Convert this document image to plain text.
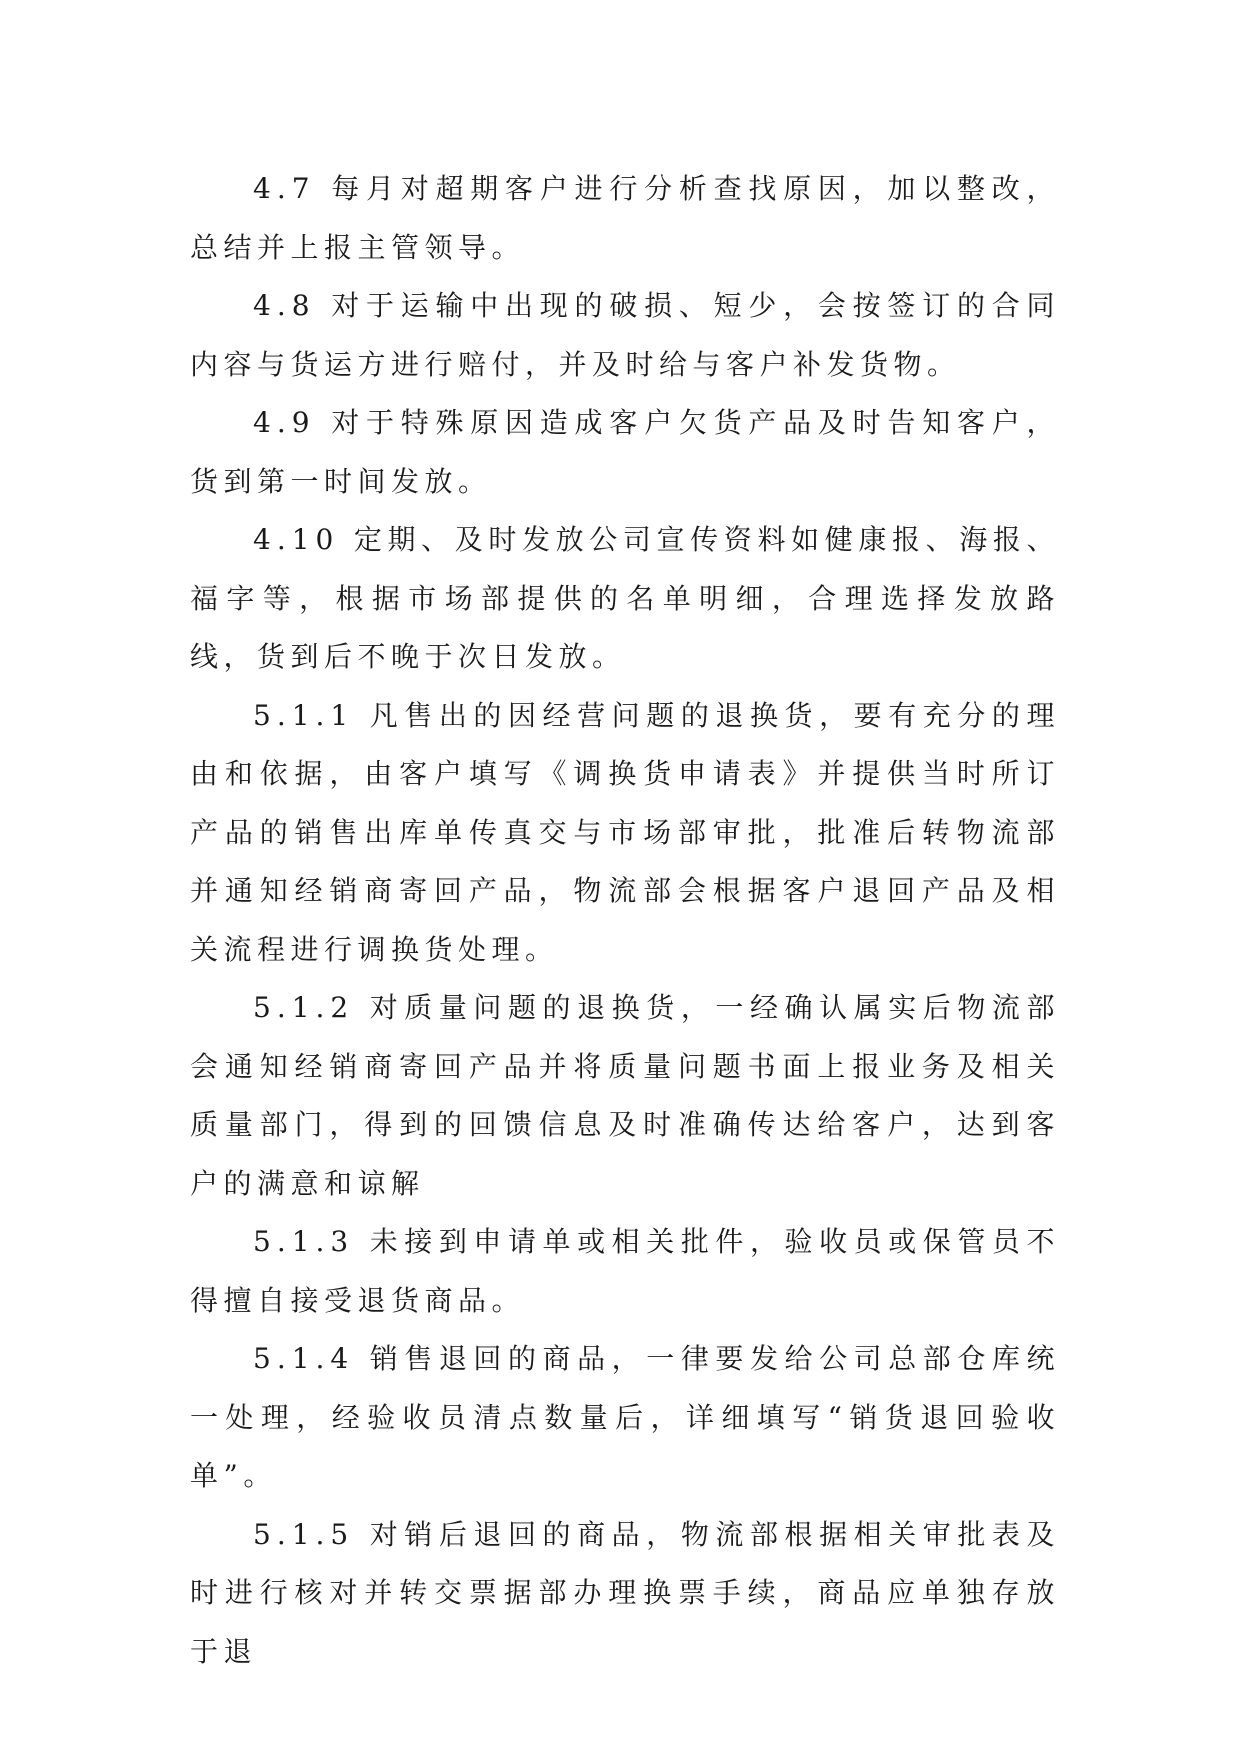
4.7 每月对超期客户进行分析查找原因，加以整改，总结并上报主管领导。

4.8 对于运输中出现的破损、短少，会按签订的合同内容与货运方进行赔付，并及时给与客户补发货物。

4.9 对于特殊原因造成客户欠货产品及时告知客户，货到第一时间发放。

4.10 定期、及时发放公司宣传资料如健康报、海报、福字等，根据市场部提供的名单明细，合理选择发放路线，货到后不晚于次日发放。

5.1.1 凡售出的因经营问题的退换货，要有充分的理由和依据，由客户填写《调换货申请表》并提供当时所订产品的销售出库单传真交与市场部审批，批准后转物流部并通知经销商寄回产品，物流部会根据客户退回产品及相关流程进行调换货处理。

5.1.2 对质量问题的退换货，一经确认属实后物流部会通知经销商寄回产品并将质量问题书面上报业务及相关质量部门，得到的回馈信息及时准确传达给客户，达到客户的满意和谅解

5.1.3 未接到申请单或相关批件，验收员或保管员不得擅自接受退货商品。

5.1.4 销售退回的商品，一律要发给公司总部仓库统一处理，经验收员清点数量后，详细填写“销货退回验收单”。

5.1.5 对销后退回的商品，物流部根据相关审批表及时进行核对并转交票据部办理换票手续，商品应单独存放于退
